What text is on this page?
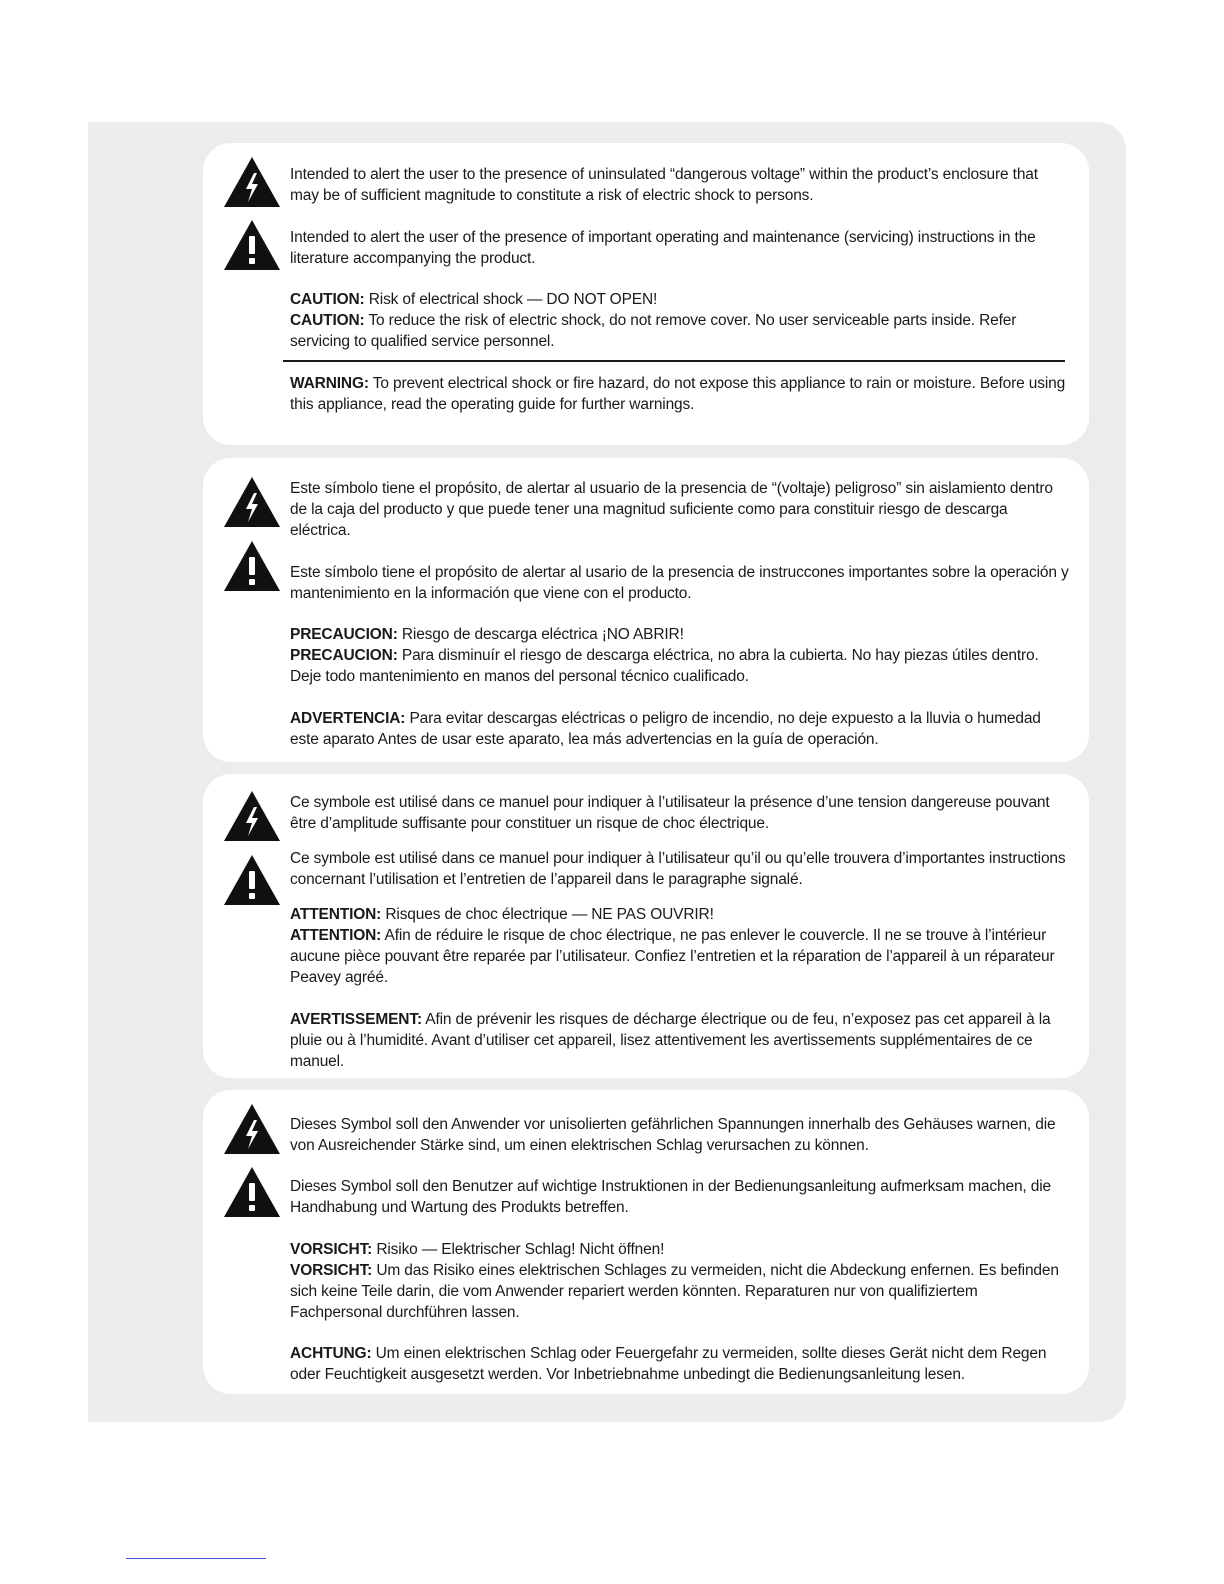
Intended to alert the user to the presence of uninsulated “dangerous voltage” within the product’s enclosure that may be of sufficient magnitude to constitute a risk of electric shock to persons.
Intended to alert the user of the presence of important operating and maintenance (servicing) instructions in the literature accompanying the product.
CAUTION: Risk of electrical shock — DO NOT OPEN!
CAUTION: To reduce the risk of electric shock, do not remove cover. No user serviceable parts inside. Refer servicing to qualified service personnel.
WARNING: To prevent electrical shock or fire hazard, do not expose this appliance to rain or moisture. Before using this appliance, read the operating guide for further warnings.
Este símbolo tiene el propósito, de alertar al usuario de la presencia de “(voltaje) peligroso” sin aislamiento dentro de la caja del producto y que puede tener una magnitud suficiente como para constituir riesgo de descarga eléctrica.
Este símbolo tiene el propósito de alertar al usario de la presencia de instruccones importantes sobre la operación y mantenimiento en la información que viene con el producto.
PRECAUCION: Riesgo de descarga eléctrica ¡NO ABRIR!
PRECAUCION: Para disminuír el riesgo de descarga eléctrica, no abra la cubierta. No hay piezas útiles dentro. Deje todo mantenimiento en manos del personal técnico cualificado.
ADVERTENCIA: Para evitar descargas eléctricas o peligro de incendio, no deje expuesto a la lluvia o humedad este aparato Antes de usar este aparato, lea más advertencias en la guía de operación.
Ce symbole est utilisé dans ce manuel pour indiquer à l’utilisateur la présence d’une tension dangereuse pouvant être d’amplitude suffisante pour constituer un risque de choc électrique.
Ce symbole est utilisé dans ce manuel pour indiquer à l’utilisateur qu’il ou qu’elle trouvera d’importantes instructions concernant l’utilisation et l’entretien de l’appareil dans le paragraphe signalé.
ATTENTION: Risques de choc électrique — NE PAS OUVRIR!
ATTENTION: Afin de réduire le risque de choc électrique, ne pas enlever le couvercle. Il ne se trouve à l’intérieur aucune pièce pouvant être reparée par l’utilisateur. Confiez l’entretien et la réparation de l’appareil à un réparateur Peavey agréé.
AVERTISSEMENT: Afin de prévenir les risques de décharge électrique ou de feu, n’exposez pas cet appareil à la pluie ou à l’humidité. Avant d’utiliser cet appareil, lisez attentivement les avertissements supplémentaires de ce manuel.
Dieses Symbol soll den Anwender vor unisolierten gefährlichen Spannungen innerhalb des Gehäuses warnen, die von Ausreichender Stärke sind, um einen elektrischen Schlag verursachen zu können.
Dieses Symbol soll den Benutzer auf wichtige Instruktionen in der Bedienungsanleitung aufmerksam machen, die Handhabung und Wartung des Produkts betreffen.
VORSICHT: Risiko — Elektrischer Schlag! Nicht öffnen!
VORSICHT: Um das Risiko eines elektrischen Schlages zu vermeiden, nicht die Abdeckung enfernen. Es befinden sich keine Teile darin, die vom Anwender repariert werden könnten. Reparaturen nur von qualifiziertem Fachpersonal durchführen lassen.
ACHTUNG: Um einen elektrischen Schlag oder Feuergefahr zu vermeiden, sollte dieses Gerät nicht dem Regen oder Feuchtigkeit ausgesetzt werden. Vor Inbetriebnahme unbedingt die Bedienungsanleitung lesen.
